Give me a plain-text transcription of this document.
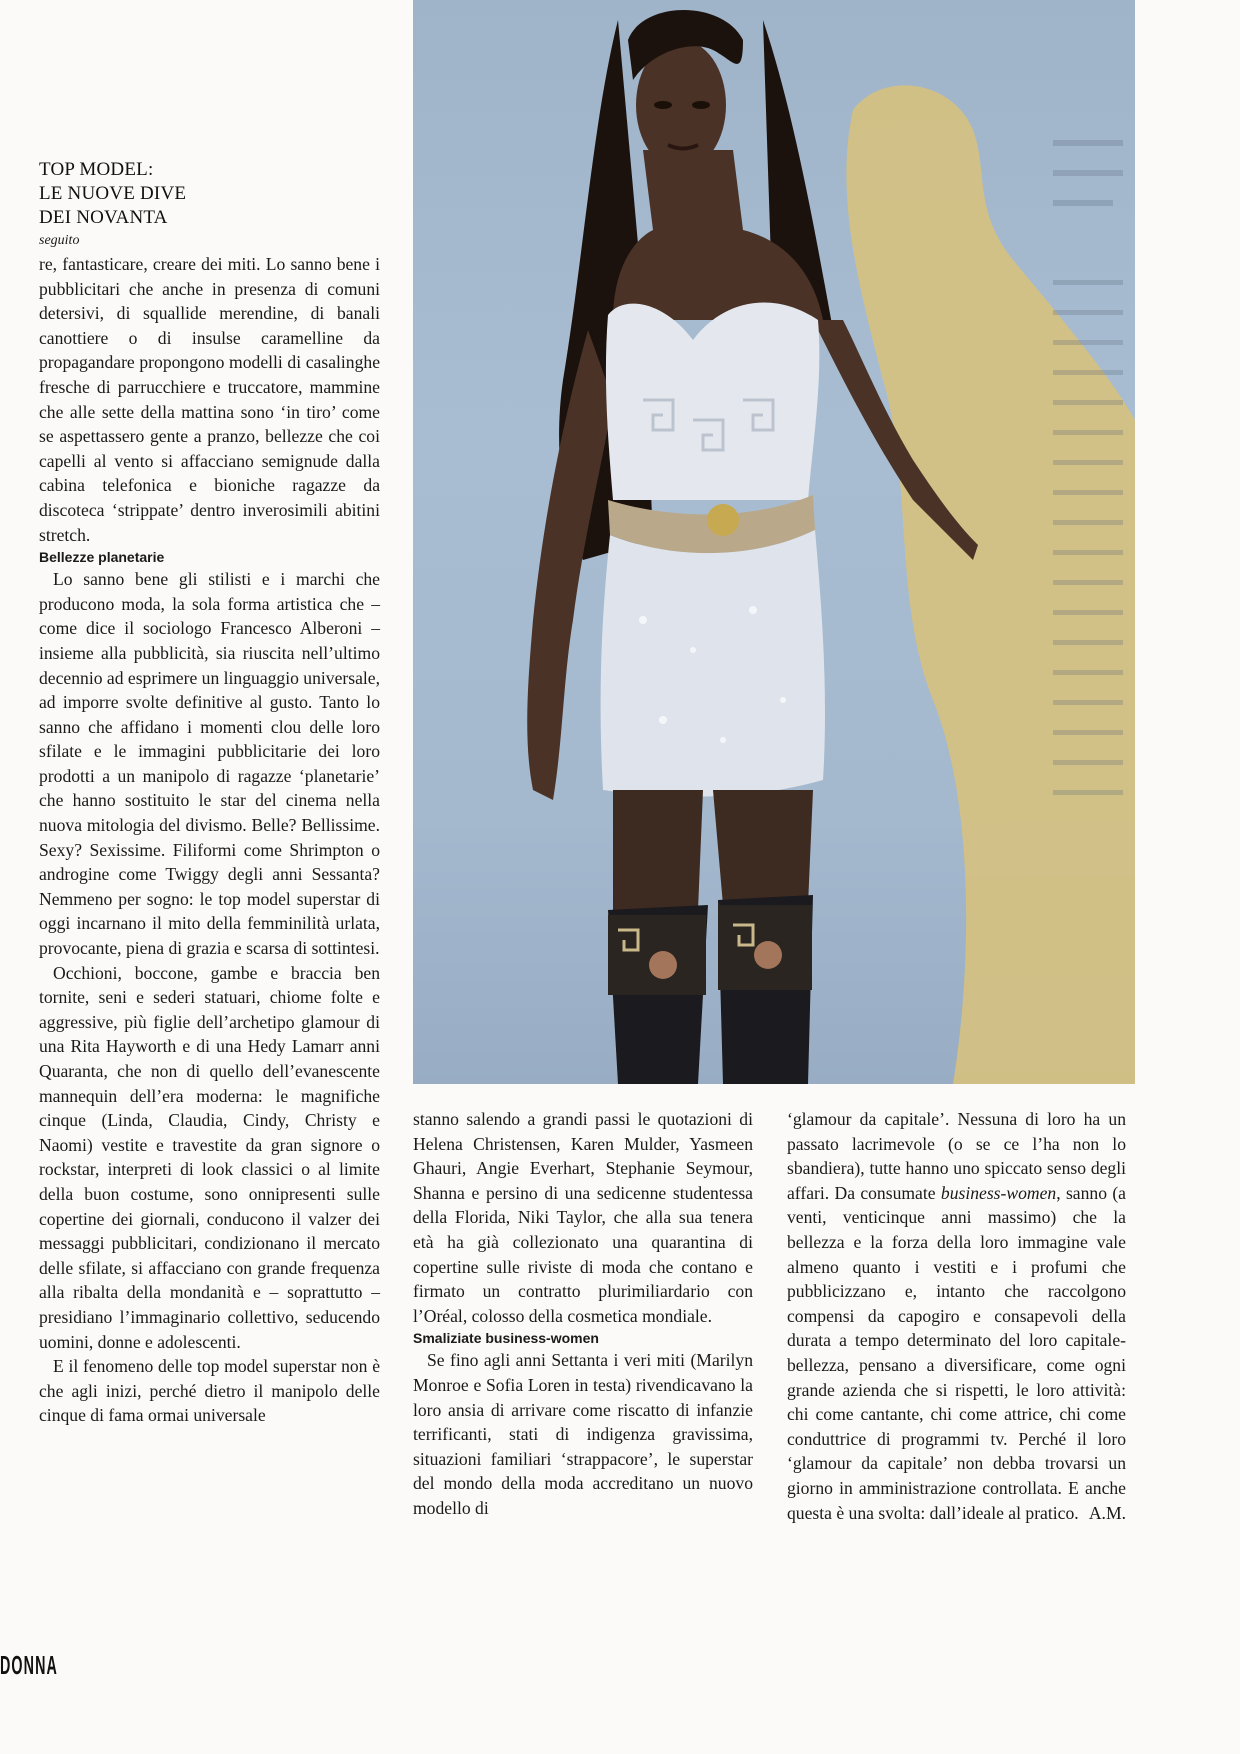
TOP MODEL:

LE NUOVE DIVE

DEI NOVANTA

seguito

re, fantasticare, creare dei miti. Lo sanno bene i pubblicitari che anche in presenza di comuni detersivi, di squallide merendine, di banali canottiere o di insulse caramelline da propagandare propongono modelli di casalinghe fresche di parrucchiere e truccatore, mammine che alle sette della mattina sono ‘in tiro’ come se aspettassero gente a pranzo, bellezze che coi capelli al vento si affacciano semignude dalla cabina telefonica e bioniche ragazze da discoteca ‘strippate’ dentro inverosimili abitini stretch.

Bellezze planetarie

Lo sanno bene gli stilisti e i marchi che producono moda, la sola forma artistica che – come dice il sociologo Francesco Alberoni – insieme alla pubblicità, sia riuscita nell’ultimo decennio ad esprimere un linguaggio universale, ad imporre svolte definitive al gusto. Tanto lo sanno che affidano i momenti clou delle loro sfilate e le immagini pubblicitarie dei loro prodotti a un manipolo di ragazze ‘planetarie’ che hanno sostituito le star del cinema nella nuova mitologia del divismo. Belle? Bellissime. Sexy? Sexissime. Filiformi come Shrimpton o androgine come Twiggy degli anni Sessanta? Nemmeno per sogno: le top model superstar di oggi incarnano il mito della femminilità urlata, provocante, piena di grazia e scarsa di sottintesi.

Occhioni, boccone, gambe e braccia ben tornite, seni e sederi statuari, chiome folte e aggressive, più figlie dell’archetipo glamour di una Rita Hayworth e di una Hedy Lamarr anni Quaranta, che non di quello dell’evanescente mannequin dell’era moderna: le magnifiche cinque (Linda, Claudia, Cindy, Christy e Naomi) vestite e travestite da gran signore o rockstar, interpreti di look classici o al limite della buon costume, sono onnipresenti sulle copertine dei giornali, conducono il valzer dei messaggi pubblicitari, condizionano il mercato delle sfilate, si affacciano con grande frequenza alla ribalta della mondanità e – soprattutto – presidiano l’immaginario collettivo, seducendo uomini, donne e adolescenti.

E il fenomeno delle top model superstar non è che agli inizi, perché dietro il manipolo delle cinque di fama ormai universale

stanno salendo a grandi passi le quotazioni di Helena Christensen, Karen Mulder, Yasmeen Ghauri, Angie Everhart, Stephanie Seymour, Shanna e persino di una sedicenne studentessa della Florida, Niki Taylor, che alla sua tenera età ha già collezionato una quarantina di copertine sulle riviste di moda che contano e firmato un contratto plurimiliardario con l’Oréal, colosso della cosmetica mondiale.

Smaliziate business-women

Se fino agli anni Settanta i veri miti (Marilyn Monroe e Sofia Loren in testa) rivendicavano la loro ansia di arrivare come riscatto di infanzie terrificanti, stati di indigenza gravissima, situazioni familiari ‘strappacore’, le superstar del mondo della moda accreditano un nuovo modello di

‘glamour da capitale’. Nessuna di loro ha un passato lacrimevole (o se ce l’ha non lo sbandiera), tutte hanno uno spiccato senso degli affari. Da consumate business-women, sanno (a venti, venticinque anni massimo) che la bellezza e la forza della loro immagine vale almeno quanto i vestiti e i profumi che pubblicizzano e, intanto che raccolgono compensi da capogiro e consapevoli della durata a tempo determinato del loro capitale-bellezza, pensano a diversificare, come ogni grande azienda che si rispetti, le loro attività: chi come cantante, chi come attrice, chi come conduttrice di programmi tv. Perché il loro ‘glamour da capitale’ non debba trovarsi un giorno in amministrazione controllata. E anche questa è una svolta: dall’ideale al pratico. A.M.

DONNA
